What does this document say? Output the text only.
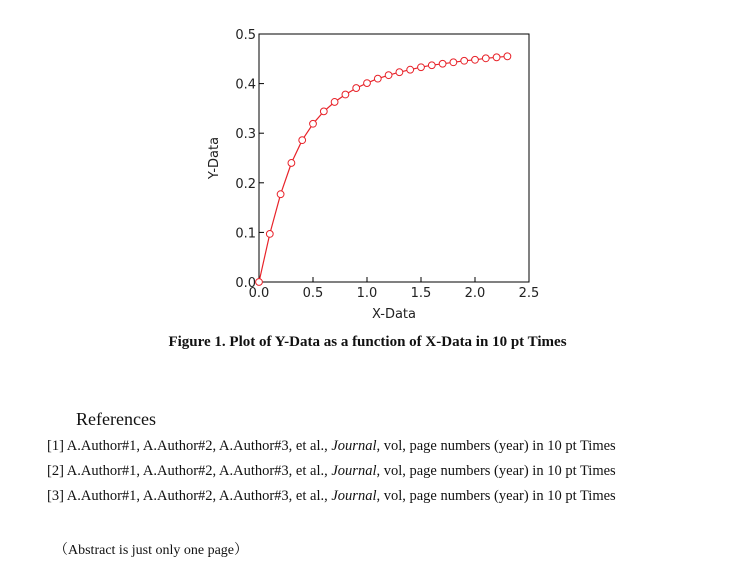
0.0
0.1
0.2
0.3
0.4
0.5
0.0	0.5	1.0	1.5	2.0	2.5
X-Data
Y-Data
Figure 1. Plot of Y-Data as a function of X-Data in 10 pt Times
References
[1] A.Author#1, A.Author#2, A.Author#3, et al., Journal, vol, page numbers (year) in 10 pt Times
[2] A.Author#1, A.Author#2, A.Author#3, et al., Journal, vol, page numbers (year) in 10 pt Times
[3] A.Author#1, A.Author#2, A.Author#3, et al., Journal, vol, page numbers (year) in 10 pt Times
（Abstract is just only one page）
